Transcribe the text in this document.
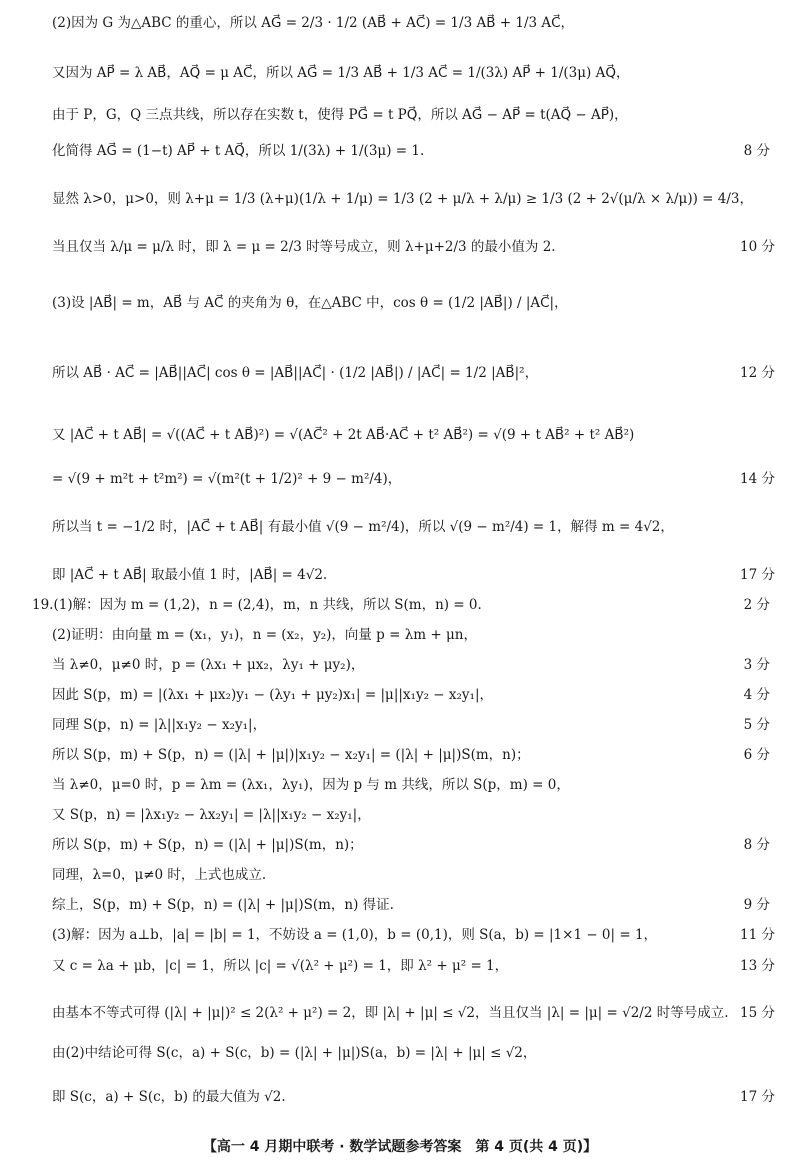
【高一 4 月期中联考 · 数学试题参考答案　第 4 页(共 4 页)】
(2)因为 G 为△ABC 的重心，所以 AG⃗ = 2/3 · 1/2 (AB⃗ + AC⃗) = 1/3 AB⃗ + 1/3 AC⃗，
又因为 AP⃗ = λ AB⃗，AQ⃗ = μ AC⃗，所以 AG⃗ = 1/3 AB⃗ + 1/3 AC⃗ = 1/(3λ) AP⃗ + 1/(3μ) AQ⃗，
由于 P，G，Q 三点共线，所以存在实数 t，使得 PG⃗ = t PQ⃗，所以 AG⃗ − AP⃗ = t(AQ⃗ − AP⃗)，
化简得 AG⃗ = (1−t) AP⃗ + t AQ⃗，所以 1/(3λ) + 1/(3μ) = 1.	8 分
显然 λ>0，μ>0，则 λ+μ = 1/3 (λ+μ)(1/λ + 1/μ) = 1/3 (2 + μ/λ + λ/μ) ≥ 1/3 (2 + 2√(μ/λ × λ/μ)) = 4/3，
当且仅当 λ/μ = μ/λ 时，即 λ = μ = 2/3 时等号成立，则 λ+μ+2/3 的最小值为 2.	10 分
(3)设 |AB⃗| = m，AB⃗ 与 AC⃗ 的夹角为 θ，在△ABC 中，cos θ = (1/2 |AB⃗|) / |AC⃗|，
所以 AB⃗ · AC⃗ = |AB⃗||AC⃗| cos θ = |AB⃗||AC⃗| · (1/2 |AB⃗|) / |AC⃗| = 1/2 |AB⃗|²，	12 分
又 |AC⃗ + t AB⃗| = √((AC⃗ + t AB⃗)²) = √(AC⃗² + 2t AB⃗·AC⃗ + t² AB⃗²) = √(9 + t AB⃗² + t² AB⃗²)
= √(9 + m²t + t²m²) = √(m²(t + 1/2)² + 9 − m²/4)，	14 分
所以当 t = −1/2 时，|AC⃗ + t AB⃗| 有最小值 √(9 − m²/4)，所以 √(9 − m²/4) = 1，解得 m = 4√2，
即 |AC⃗ + t AB⃗| 取最小值 1 时，|AB⃗| = 4√2.	17 分
19.(1)解：因为 m = (1,2)，n = (2,4)，m，n 共线，所以 S(m，n) = 0.	2 分
(2)证明：由向量 m = (x₁，y₁)，n = (x₂，y₂)，向量 p = λm + μn，
当 λ≠0，μ≠0 时，p = (λx₁ + μx₂，λy₁ + μy₂)，	3 分
因此 S(p，m) = |(λx₁ + μx₂)y₁ − (λy₁ + μy₂)x₁| = |μ||x₁y₂ − x₂y₁|，	4 分
同理 S(p，n) = |λ||x₁y₂ − x₂y₁|，	5 分
所以 S(p，m) + S(p，n) = (|λ| + |μ|)|x₁y₂ − x₂y₁| = (|λ| + |μ|)S(m，n)；	6 分
当 λ≠0，μ=0 时，p = λm = (λx₁，λy₁)，因为 p 与 m 共线，所以 S(p，m) = 0，
又 S(p，n) = |λx₁y₂ − λx₂y₁| = |λ||x₁y₂ − x₂y₁|，
所以 S(p，m) + S(p，n) = (|λ| + |μ|)S(m，n)；	8 分
同理，λ=0，μ≠0 时，上式也成立.
综上，S(p，m) + S(p，n) = (|λ| + |μ|)S(m，n) 得证.	9 分
(3)解：因为 a⊥b，|a| = |b| = 1，不妨设 a = (1,0)，b = (0,1)，则 S(a，b) = |1×1 − 0| = 1，	11 分
又 c = λa + μb，|c| = 1，所以 |c| = √(λ² + μ²) = 1，即 λ² + μ² = 1，	13 分
由基本不等式可得 (|λ| + |μ|)² ≤ 2(λ² + μ²) = 2，即 |λ| + |μ| ≤ √2，当且仅当 |λ| = |μ| = √2/2 时等号成立. 15 分
由(2)中结论可得 S(c，a) + S(c，b) = (|λ| + |μ|)S(a，b) = |λ| + |μ| ≤ √2，
即 S(c，a) + S(c，b) 的最大值为 √2.	17 分
